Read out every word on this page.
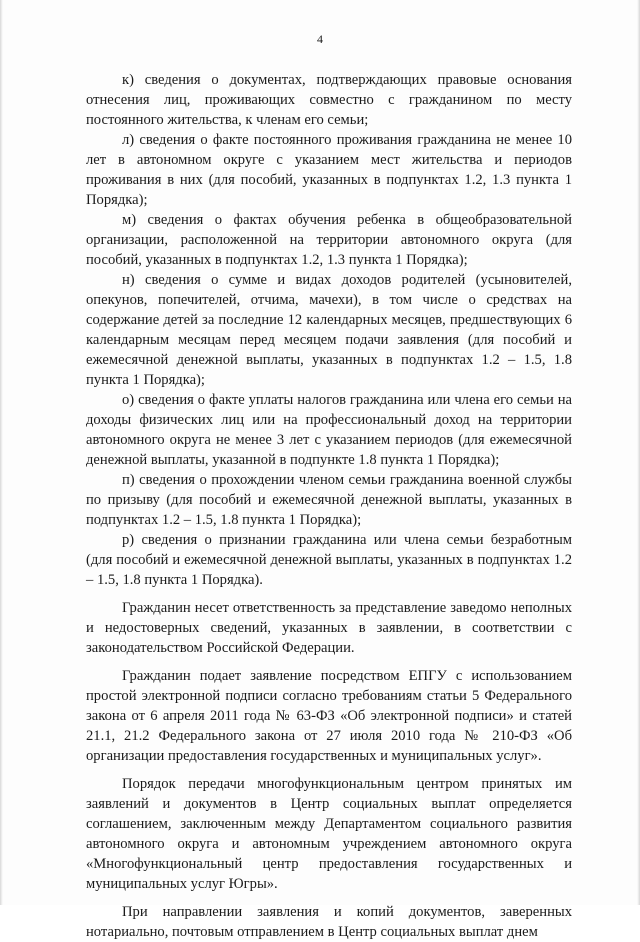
4

к) сведения о документах, подтверждающих правовые основания отнесения лиц, проживающих совместно с гражданином по месту постоянного жительства, к членам его семьи;

л) сведения о факте постоянного проживания гражданина не менее 10 лет в автономном округе с указанием мест жительства и периодов проживания в них (для пособий, указанных в подпунктах 1.2, 1.3 пункта 1 Порядка);

м) сведения о фактах обучения ребенка в общеобразовательной организации, расположенной на территории автономного округа (для пособий, указанных в подпунктах 1.2, 1.3 пункта 1 Порядка);

н) сведения о сумме и видах доходов родителей (усыновителей, опекунов, попечителей, отчима, мачехи), в том числе о средствах на содержание детей за последние 12 календарных месяцев, предшествующих 6 календарным месяцам перед месяцем подачи заявления (для пособий и ежемесячной денежной выплаты, указанных в подпунктах 1.2 – 1.5, 1.8 пункта 1 Порядка);

о) сведения о факте уплаты налогов гражданина или члена его семьи на доходы физических лиц или на профессиональный доход на территории автономного округа не менее 3 лет с указанием периодов (для ежемесячной денежной выплаты, указанной в подпункте 1.8 пункта 1 Порядка);

п) сведения о прохождении членом семьи гражданина военной службы по призыву (для пособий и ежемесячной денежной выплаты, указанных в подпунктах 1.2 – 1.5, 1.8 пункта 1 Порядка);

р) сведения о признании гражданина или члена семьи безработным (для пособий и ежемесячной денежной выплаты, указанных в подпунктах 1.2 – 1.5, 1.8 пункта 1 Порядка).

Гражданин несет ответственность за представление заведомо неполных и недостоверных сведений, указанных в заявлении, в соответствии с законодательством Российской Федерации.

Гражданин подает заявление посредством ЕПГУ с использованием простой электронной подписи согласно требованиям статьи 5 Федерального закона от 6 апреля 2011 года № 63-ФЗ «Об электронной подписи» и статей 21.1, 21.2 Федерального закона от 27 июля 2010 года № 210-ФЗ «Об организации предоставления государственных и муниципальных услуг».

Порядок передачи многофункциональным центром принятых им заявлений и документов в Центр социальных выплат определяется соглашением, заключенным между Департаментом социального развития автономного округа и автономным учреждением автономного округа «Многофункциональный центр предоставления государственных и муниципальных услуг Югры».

При направлении заявления и копий документов, заверенных нотариально, почтовым отправлением в Центр социальных выплат днем
